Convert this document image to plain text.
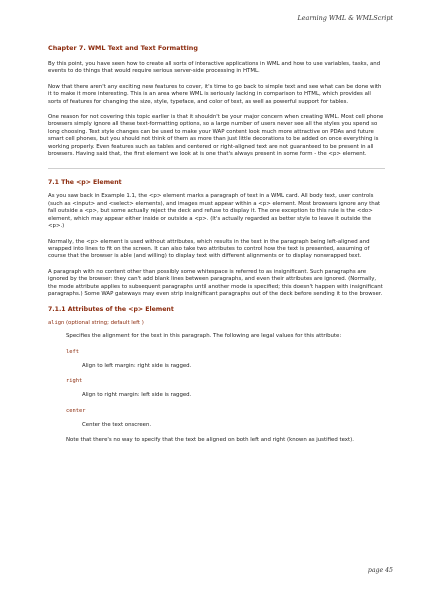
Learning WML & WMLScript
Chapter 7. WML Text and Text Formatting

By this point, you have seen how to create all sorts of interactive applications in WML and how to use variables, tasks, and events to do things that would require serious server-side processing in HTML.

Now that there aren't any exciting new features to cover, it's time to go back to simple text and see what can be done with it to make it more interesting. This is an area where WML is seriously lacking in comparison to HTML, which provides all sorts of features for changing the size, style, typeface, and color of text, as well as powerful support for tables.

One reason for not covering this topic earlier is that it shouldn't be your major concern when creating WML. Most cell phone browsers simply ignore all these text-formatting options, so a large number of users never see all the styles you spend so long choosing. Text style changes can be used to make your WAP content look much more attractive on PDAs and future smart cell phones, but you should not think of them as more than just little decorations to be added on once everything is working properly. Even features such as tables and centered or right-aligned text are not guaranteed to be present in all browsers. Having said that, the first element we look at is one that's always present in some form - the <p> element.

7.1 The <p> Element

As you saw back in Example 1.1, the <p> element marks a paragraph of text in a WML card. All body text, user controls (such as <input> and <select> elements), and images must appear within a <p> element. Most browsers ignore any that fall outside a <p>, but some actually reject the deck and refuse to display it. The one exception to this rule is the <do> element, which may appear either inside or outside a <p>. (It's actually regarded as better style to leave it outside the <p>.)

Normally, the <p> element is used without attributes, which results in the text in the paragraph being left-aligned and wrapped into lines to fit on the screen. It can also take two attributes to control how the text is presented, assuming of course that the browser is able (and willing) to display text with different alignments or to display nonwrapped text.

A paragraph with no content other than possibly some whitespace is referred to as insignificant. Such paragraphs are ignored by the browser: they can't add blank lines between paragraphs, and even their attributes are ignored. (Normally, the mode attribute applies to subsequent paragraphs until another mode is specified; this doesn't happen with insignificant paragraphs.) Some WAP gateways may even strip insignificant paragraphs out of the deck before sending it to the browser.

7.1.1 Attributes of the <p> Element
align (optional string; default left )

Specifies the alignment for the text in this paragraph. The following are legal values for this attribute:

left

Align to left margin: right side is ragged.

right

Align to right margin: left side is ragged.

center

Center the text onscreen.

Note that there's no way to specify that the text be aligned on both left and right (known as justified text).

page 45
